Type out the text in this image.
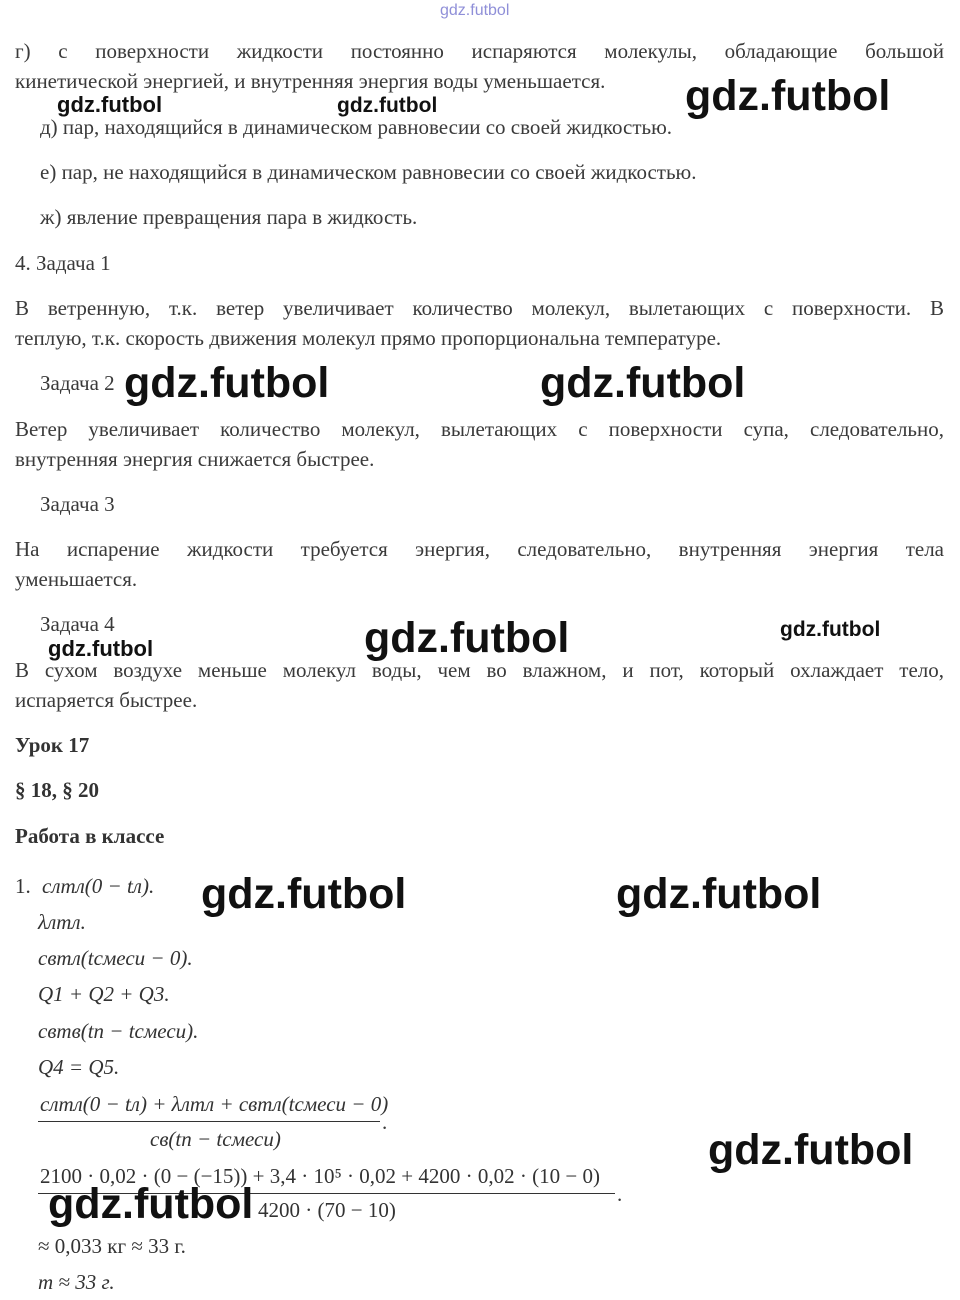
gdz.futbol
г) с поверхности жидкости постоянно испаряются молекулы, обладающие большой
кинетической энергией, и внутренняя энергия воды уменьшается.
д) пар, находящийся в динамическом равновесии со своей жидкостью.
е) пар, не находящийся в динамическом равновесии со своей жидкостью.
ж) явление превращения пара в жидкость.
4. Задача 1
В ветренную, т.к. ветер увеличивает количество молекул, вылетающих с поверхности. В
теплую, т.к. скорость движения молекул прямо пропорциональна температуре.
Задача 2
Ветер увеличивает количество молекул, вылетающих с поверхности супа, следовательно,
внутренняя энергия снижается быстрее.
Задача 3
На испарение жидкости требуется энергия, следовательно, внутренняя энергия тела
уменьшается.
Задача 4
В сухом воздухе меньше молекул воды, чем во влажном, и пот, который охлаждает тело,
испаряется быстрее.
Урок 17
§ 18, § 20
Работа в классе
1. cлmл(0 − tл).
λлmл.
cвmл(tсмеси − 0).
Q1 + Q2 + Q3.
cвmв(tп − tсмеси).
Q4 = Q5.
cлmл(0 − tл) + λлmл + cвmл(tсмеси − 0)
.
cв(tп − tсмеси)
2100 · 0,02 · (0 − (−15)) + 3,4 · 10⁵ · 0,02 + 4200 · 0,02 · (10 − 0)
.
4200 · (70 − 10)
≈ 0,033 кг ≈ 33 г.
m ≈ 33 г.
gdz.futbol
gdz.futbol	gdz.futbol
gdz.futbol	gdz.futbol
gdz.futbol
gdz.futbol
gdz.futbol
gdz.futbol	gdz.futbol
gdz.futbol
gdz.futbol
